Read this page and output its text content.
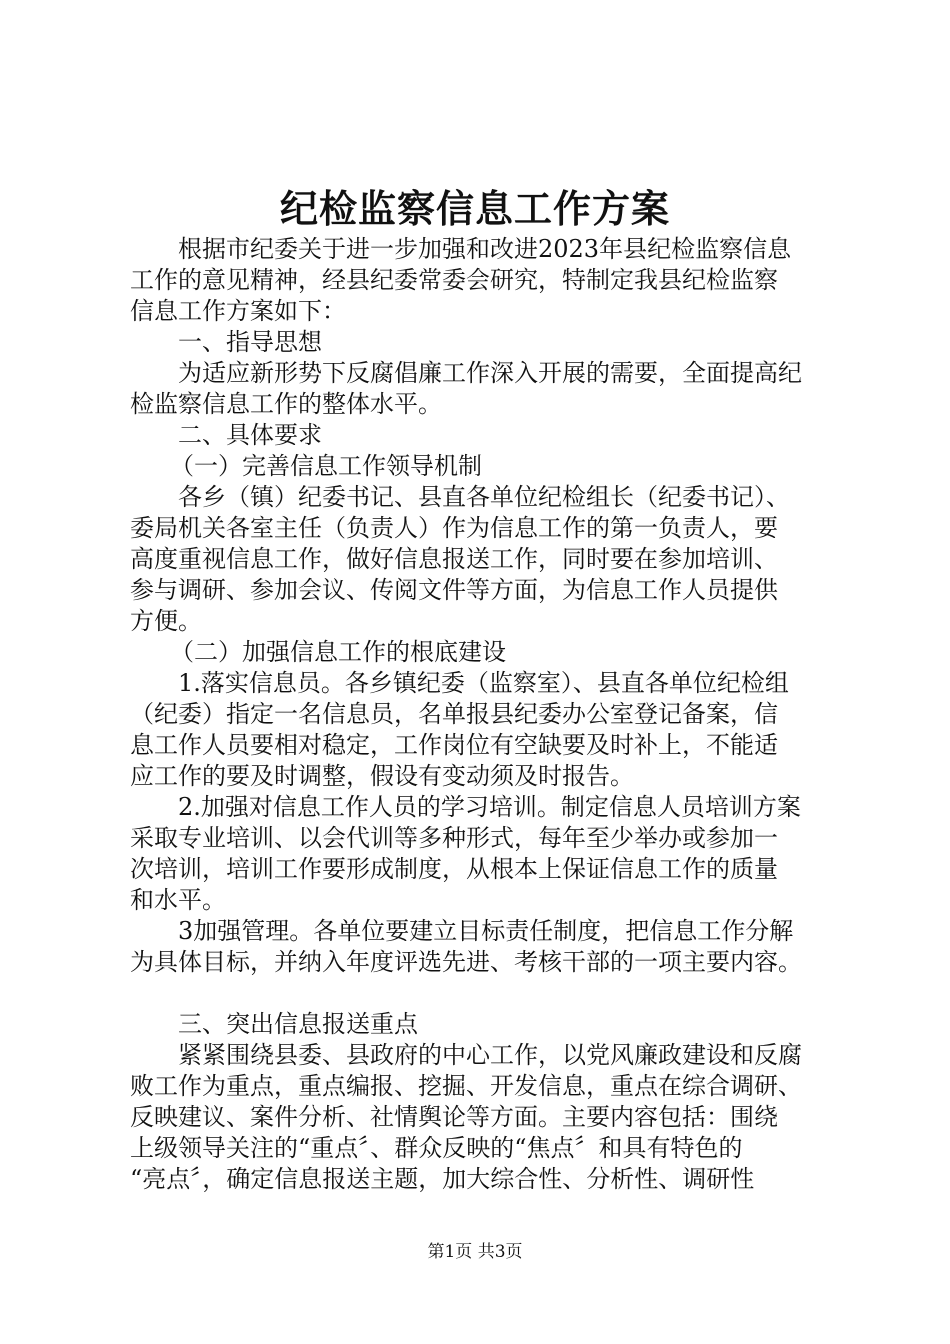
纪检监察信息工作方案

根据市纪委关于进一步加强和改进2023年县纪检监察信息
工作的意见精神，经县纪委常委会研究，特制定我县纪检监察
信息工作方案如下：

一、指导思想

为适应新形势下反腐倡廉工作深入开展的需要，全面提高纪
检监察信息工作的整体水平。

二、具体要求

（一）完善信息工作领导机制

各乡（镇）纪委书记、县直各单位纪检组长（纪委书记）、
委局机关各室主任（负责人）作为信息工作的第一负责人，要
高度重视信息工作，做好信息报送工作，同时要在参加培训、
参与调研、参加会议、传阅文件等方面，为信息工作人员提供
方便。

（二）加强信息工作的根底建设

1.落实信息员。各乡镇纪委（监察室）、县直各单位纪检组
（纪委）指定一名信息员，名单报县纪委办公室登记备案，信
息工作人员要相对稳定，工作岗位有空缺要及时补上，不能适
应工作的要及时调整，假设有变动须及时报告。

2.加强对信息工作人员的学习培训。制定信息人员培训方案
采取专业培训、以会代训等多种形式，每年至少举办或参加一
次培训，培训工作要形成制度，从根本上保证信息工作的质量
和水平。

3加强管理。各单位要建立目标责任制度，把信息工作分解
为具体目标，并纳入年度评选先进、考核干部的一项主要内容。

三、突出信息报送重点

紧紧围绕县委、县政府的中心工作，以党风廉政建设和反腐
败工作为重点，重点编报、挖掘、开发信息，重点在综合调研、
反映建议、案件分析、社情舆论等方面。主要内容包括：围绕
上级领导关注的“重点〞、群众反映的“焦点〞和具有特色的
“亮点〞，确定信息报送主题，加大综合性、分析性、调研性

第1页 共3页
